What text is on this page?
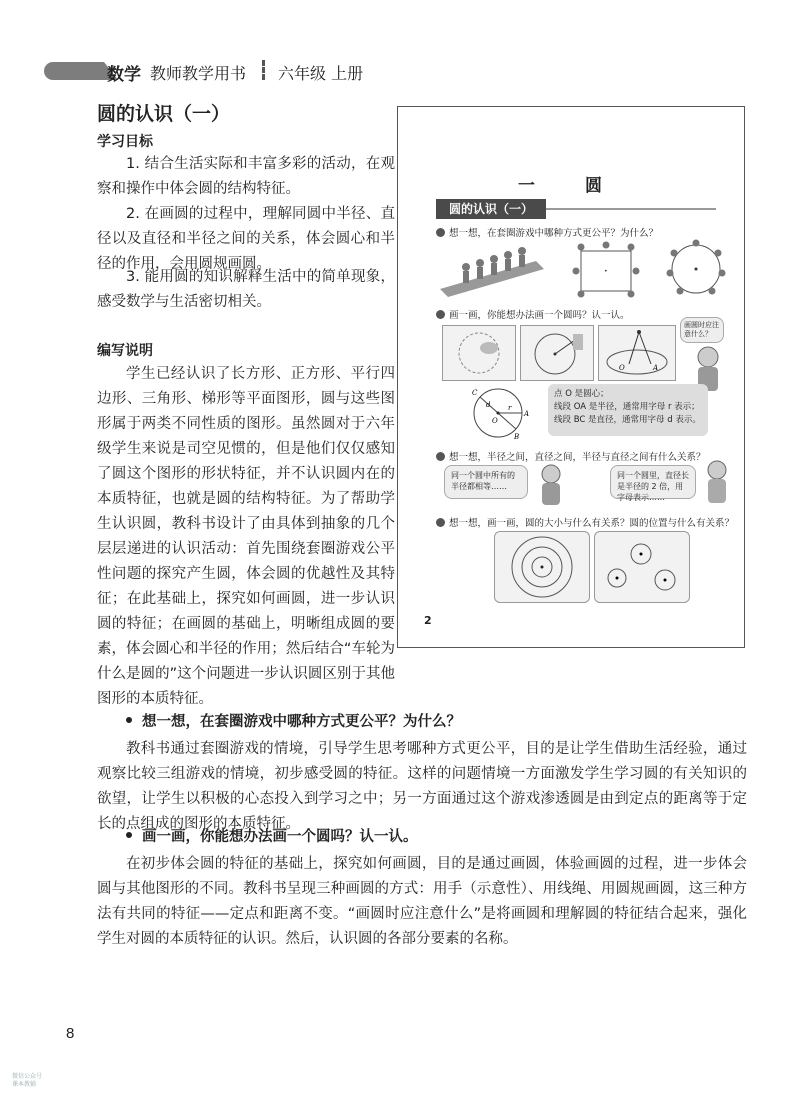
数学 教师教学用书 六年级 上册
圆的认识（一）
学习目标
1. 结合生活实际和丰富多彩的活动，在观察和操作中体会圆的结构特征。
2. 在画圆的过程中，理解同圆中半径、直径以及直径和半径之间的关系，体会圆心和半径的作用，会用圆规画圆。
3. 能用圆的知识解释生活中的简单现象，感受数学与生活密切相关。
编写说明
学生已经认识了长方形、正方形、平行四边形、三角形、梯形等平面图形，圆与这些图形属于两类不同性质的图形。虽然圆对于六年级学生来说是司空见惯的，但是他们仅仅感知了圆这个图形的形状特征，并不认识圆内在的本质特征，也就是圆的结构特征。为了帮助学生认识圆，教科书设计了由具体到抽象的几个层层递进的认识活动：首先围绕套圈游戏公平性问题的探究产生圆，体会圆的优越性及其特征；在此基础上，探究如何画圆，进一步认识圆的特征；在画圆的基础上，明晰组成圆的要素，体会圆心和半径的作用；然后结合“车轮为什么是圆的”这个问题进一步认识圆区别于其他图形的本质特征。
一 圆
圆的认识（一）
想一想，在套圈游戏中哪种方式更公平？为什么？
•
画一画，你能想办法画一个圆吗？认一认。
O	A
画圆时应注意什么？
C
A
B
O
r
d
点 O 是圆心；
线段 OA 是半径，通常用字母 r 表示；
线段 BC 是直径，通常用字母 d 表示。
想一想，半径之间，直径之间，半径与直径之间有什么关系？
同一个圆中所有的半径都相等……
同一个圆里，直径长是半径的 2 倍，用字母表示……
想一想，画一画，圆的大小与什么有关系？圆的位置与什么有关系？
2
想一想，在套圈游戏中哪种方式更公平？为什么？
教科书通过套圈游戏的情境，引导学生思考哪种方式更公平，目的是让学生借助生活经验，通过观察比较三组游戏的情境，初步感受圆的特征。这样的问题情境一方面激发学生学习圆的有关知识的欲望，让学生以积极的心态投入到学习之中；另一方面通过这个游戏渗透圆是由到定点的距离等于定长的点组成的图形的本质特征。
画一画，你能想办法画一个圆吗？认一认。
在初步体会圆的特征的基础上，探究如何画圆，目的是通过画圆，体验画圆的过程，进一步体会圆与其他图形的不同。教科书呈现三种画圆的方式：用手（示意性）、用线绳、用圆规画圆，这三种方法有共同的特征——定点和距离不变。“画圆时应注意什么”是将画圆和理解圆的特征结合起来，强化学生对圆的本质特征的认识。然后，认识圆的各部分要素的名称。
8
微信公众号
课本教辅
